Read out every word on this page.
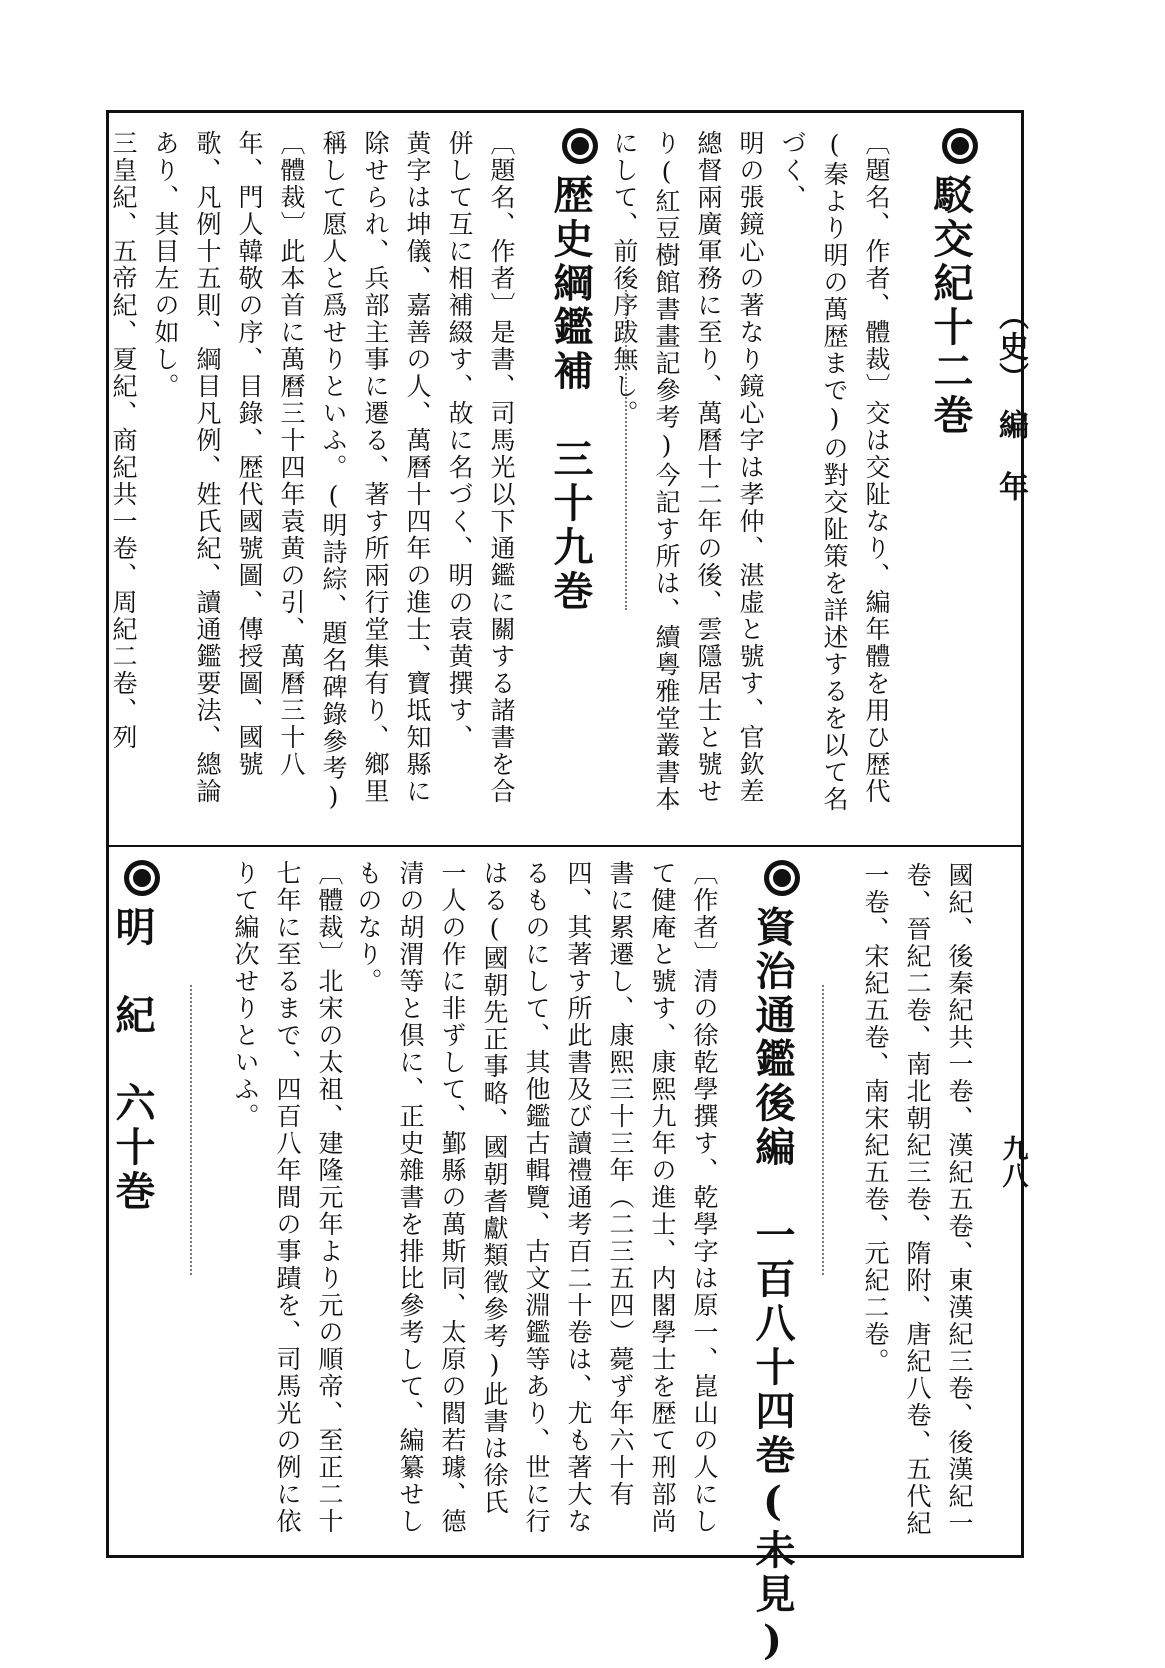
（史）　編　年
九八
駁交紀十二巻

〔題名、作者、體裁〕交は交阯なり、編年體を用ひ歴代(秦より明の萬歴まで)の對交阯策を詳述するを以て名づく、

明の張鏡心の著なり鏡心字は孝仲、湛虚と號す、官欽差總督兩廣軍務に至り、萬曆十二年の後、雲隱居士と號せり(紅豆樹館書畫記參考)今記す所は、續粵雅堂叢書本にして、前後序跋無し。

歴史綱鑑補　三十九巻

〔題名、作者〕是書、司馬光以下通鑑に關する諸書を合併して互に相補綴す、故に名づく、明の袁黄撰す、

黄字は坤儀、嘉善の人、萬曆十四年の進士、寶坻知縣に除せられ、兵部主事に遷る、著す所兩行堂集有り、鄉里稱して愿人と爲せりといふ。(明詩綜、題名碑錄參考)

〔體裁〕此本首に萬曆三十四年袁黄の引、萬曆三十八年、門人韓敬の序、目錄、歴代國號圖、傳授圖、國號歌、凡例十五則、綱目凡例、姓氏紀、讀通鑑要法、總論あり、其目左の如し。

三皇紀、五帝紀、夏紀、商紀共一卷、周紀二卷、列

國紀、後秦紀共一卷、漢紀五卷、東漢紀三卷、後漢紀一卷、晉紀二卷、南北朝紀三卷、隋附、唐紀八卷、五代紀一卷、宋紀五卷、南宋紀五卷、元紀二卷。

資治通鑑後編　一百八十四巻(未見)

〔作者〕清の徐乾學撰す、乾學字は原一、崑山の人にして健庵と號す、康熙九年の進士、内閣學士を歴て刑部尚書に累遷し、康熙三十三年（二三五四）薨ず年六十有四、其著す所此書及び讀禮通考百二十卷は、尤も著大なるものにして、其他鑑古輯覽、古文淵鑑等あり、世に行はる(國朝先正事略、國朝耆獻類徵參考)此書は徐氏一人の作に非ずして、鄞縣の萬斯同、太原の閻若璩、德清の胡渭等と倶に、正史雜書を排比參考して、編纂せしものなり。

〔體裁〕北宋の太祖、建隆元年より元の順帝、至正二十七年に至るまで、四百八年間の事蹟を、司馬光の例に依りて編次せりといふ。

明　紀　六十巻
